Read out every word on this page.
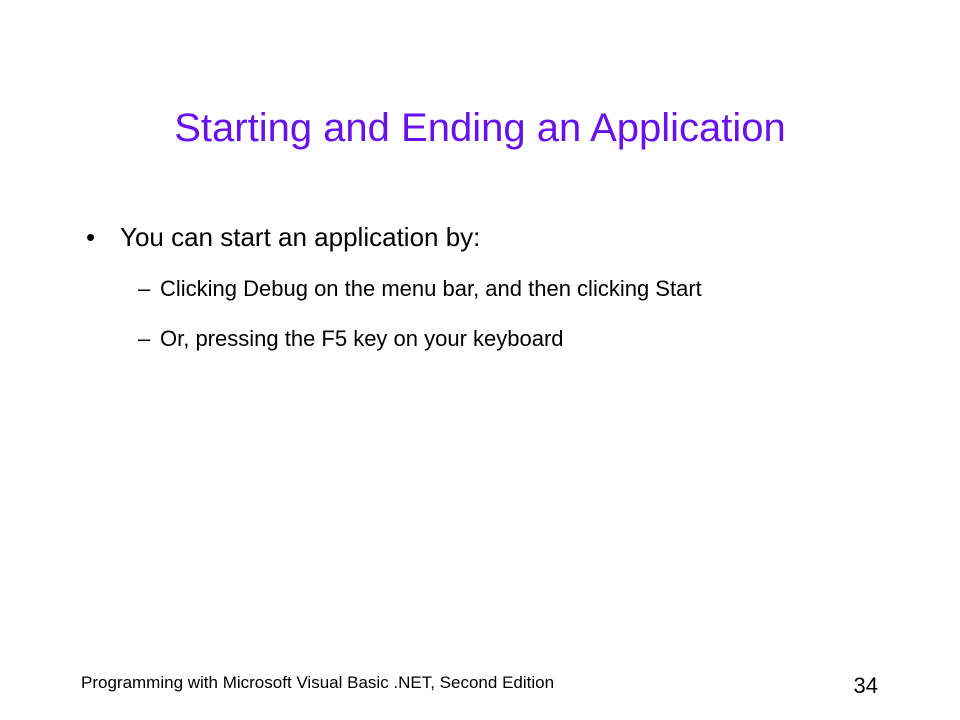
Starting and Ending an Application
• You can start an application by:
– Clicking Debug on the menu bar, and then clicking Start
– Or, pressing the F5 key on your keyboard
Programming with Microsoft Visual Basic .NET, Second Edition	34
